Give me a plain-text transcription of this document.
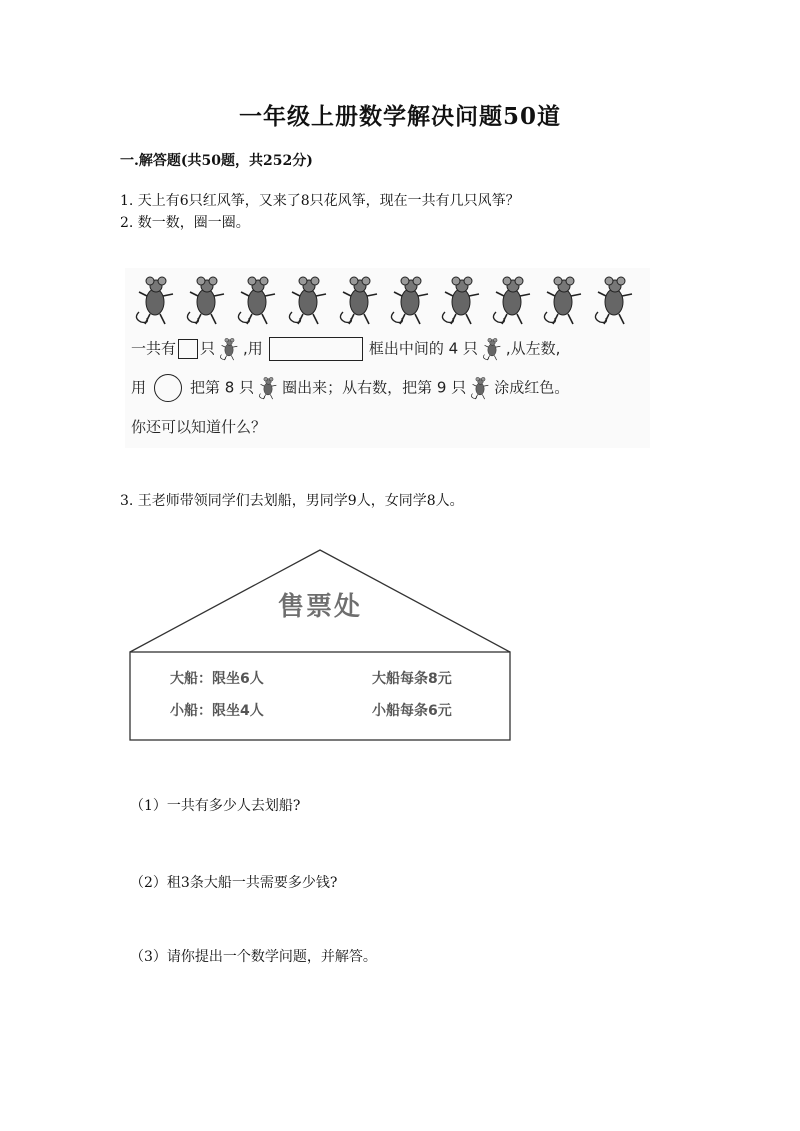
一年级上册数学解决问题50道
一.解答题(共50题，共252分)
1. 天上有6只红风筝，又来了8只花风筝，现在一共有几只风筝？
2. 数一数，圈一圈。
一共有 只 ,用	框出中间的 4 只 ,从左数,
用	把第 8 只 圈出来；从右数，把第 9 只 涂成红色。
你还可以知道什么？
3. 王老师带领同学们去划船，男同学9人，女同学8人。
售票处
大船：限坐6人	大船每条8元
小船：限坐4人	小船每条6元
（1）一共有多少人去划船?
（2）租3条大船一共需要多少钱?
（3）请你提出一个数学问题，并解答。
